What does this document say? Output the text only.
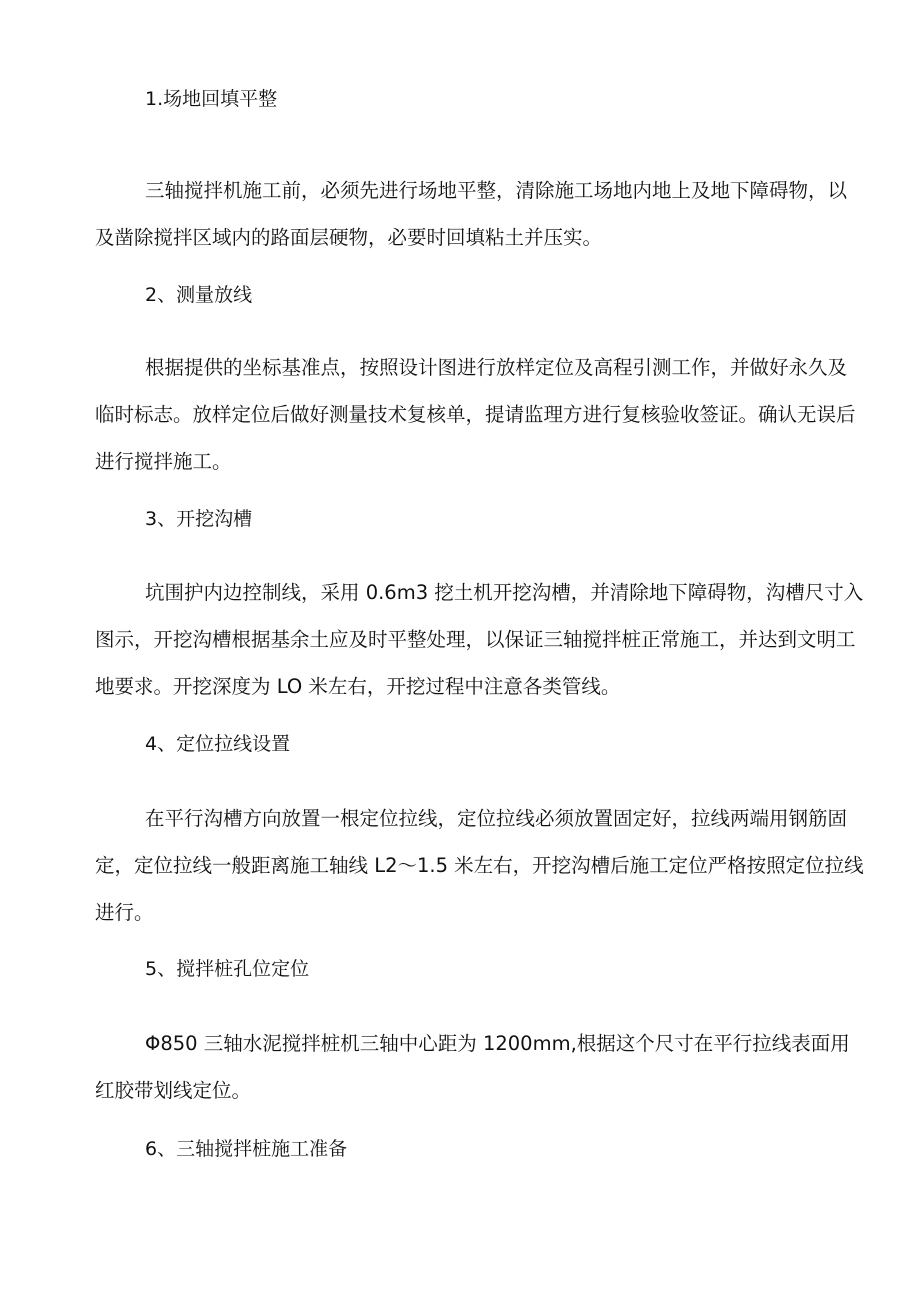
1.场地回填平整
三轴搅拌机施工前，必须先进行场地平整，清除施工场地内地上及地下障碍物，以及凿除搅拌区域内的路面层硬物，必要时回填粘土并压实。
2、测量放线
根据提供的坐标基准点，按照设计图进行放样定位及高程引测工作，并做好永久及临时标志。放样定位后做好测量技术复核单，提请监理方进行复核验收签证。确认无误后进行搅拌施工。
3、开挖沟槽
坑围护内边控制线，采用 0.6m3 挖土机开挖沟槽，并清除地下障碍物，沟槽尺寸入图示，开挖沟槽根据基余土应及时平整处理，以保证三轴搅拌桩正常施工，并达到文明工地要求。开挖深度为 LO 米左右，开挖过程中注意各类管线。
4、定位拉线设置
在平行沟槽方向放置一根定位拉线，定位拉线必须放置固定好，拉线两端用钢筋固定，定位拉线一般距离施工轴线 L2～1.5 米左右，开挖沟槽后施工定位严格按照定位拉线进行。
5、搅拌桩孔位定位
Φ850 三轴水泥搅拌桩机三轴中心距为 1200mm,根据这个尺寸在平行拉线表面用红胶带划线定位。
6、三轴搅拌桩施工准备
